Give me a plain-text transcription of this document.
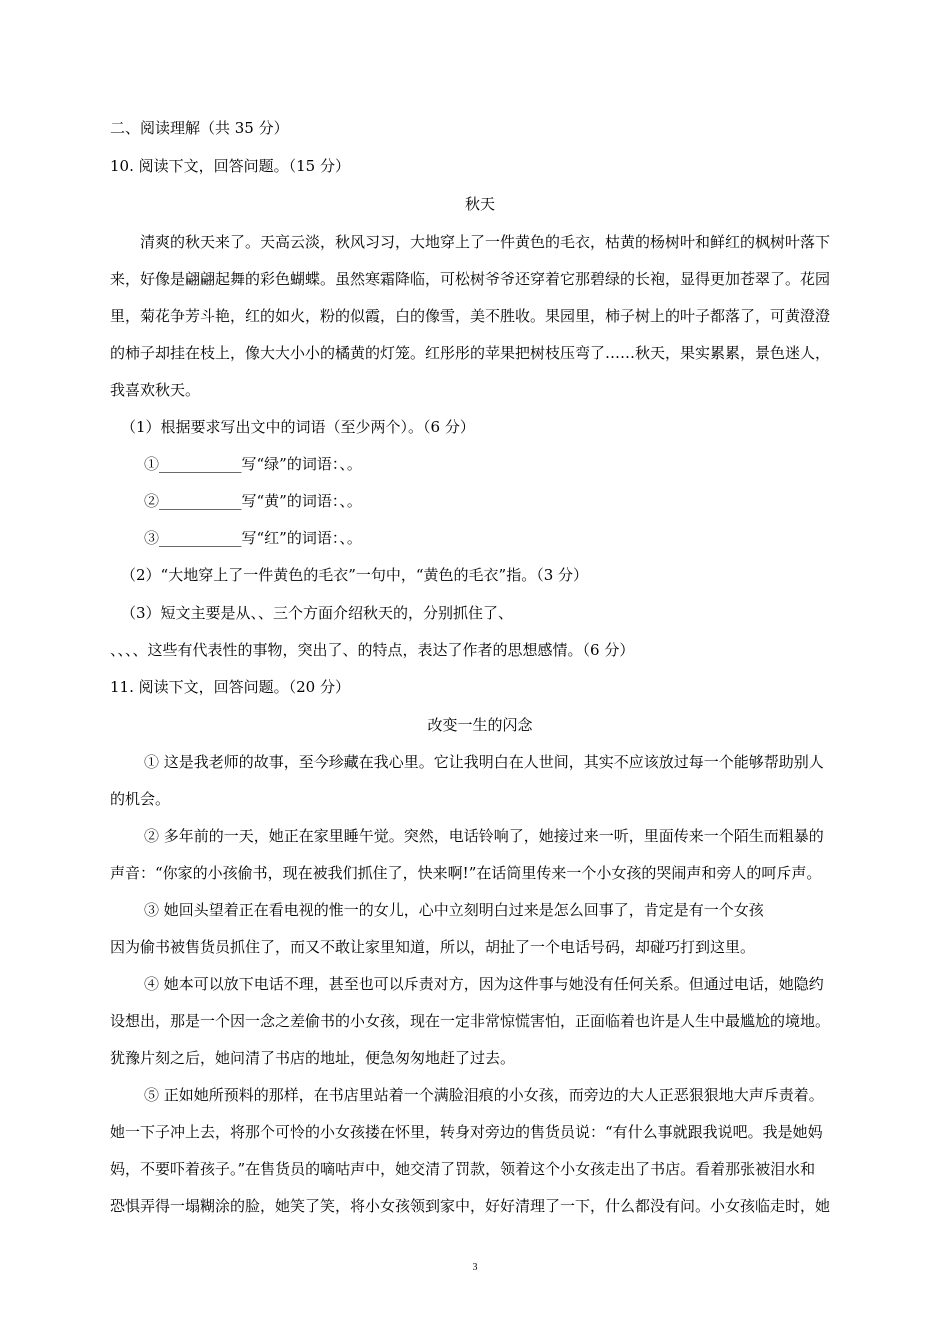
二、阅读理解（共 35 分）
10. 阅读下文，回答问题。（15 分）
秋天
清爽的秋天来了。天高云淡，秋风习习，大地穿上了一件黄色的毛衣，枯黄的杨树叶和鲜红的枫树叶落下
来，好像是翩翩起舞的彩色蝴蝶。虽然寒霜降临，可松树爷爷还穿着它那碧绿的长袍，显得更加苍翠了。花园
里，菊花争芳斗艳，红的如火，粉的似霞，白的像雪，美不胜收。果园里，柿子树上的叶子都落了，可黄澄澄
的柿子却挂在枝上，像大大小小的橘黄的灯笼。红彤彤的苹果把树枝压弯了……秋天，果实累累，景色迷人，
我喜欢秋天。
（1）根据要求写出文中的词语（至少两个）。（6 分）
①___________写“绿”的词语：、。
②___________写“黄”的词语：、。
③___________写“红”的词语：、。
（2）“大地穿上了一件黄色的毛衣”一句中，“黄色的毛衣”指。（3 分）
（3）短文主要是从、、三个方面介绍秋天的，分别抓住了、
、、、、这些有代表性的事物，突出了、的特点，表达了作者的思想感情。（6 分）
11. 阅读下文，回答问题。（20 分）
改变一生的闪念
① 这是我老师的故事，至今珍藏在我心里。它让我明白在人世间，其实不应该放过每一个能够帮助别人
的机会。
② 多年前的一天，她正在家里睡午觉。突然，电话铃响了，她接过来一听，里面传来一个陌生而粗暴的
声音：“你家的小孩偷书，现在被我们抓住了，快来啊!”在话筒里传来一个小女孩的哭闹声和旁人的呵斥声。
③ 她回头望着正在看电视的惟一的女儿，心中立刻明白过来是怎么回事了，肯定是有一个女孩
因为偷书被售货员抓住了，而又不敢让家里知道，所以，胡扯了一个电话号码，却碰巧打到这里。
④ 她本可以放下电话不理，甚至也可以斥责对方，因为这件事与她没有任何关系。但通过电话，她隐约
设想出，那是一个因一念之差偷书的小女孩，现在一定非常惊慌害怕，正面临着也许是人生中最尴尬的境地。
犹豫片刻之后，她问清了书店的地址，便急匆匆地赶了过去。
⑤ 正如她所预料的那样，在书店里站着一个满脸泪痕的小女孩，而旁边的大人正恶狠狠地大声斥责着。
她一下子冲上去，将那个可怜的小女孩搂在怀里，转身对旁边的售货员说：“有什么事就跟我说吧。我是她妈
妈，不要吓着孩子。”在售货员的嘀咕声中，她交清了罚款，领着这个小女孩走出了书店。看着那张被泪水和
恐惧弄得一塌糊涂的脸，她笑了笑，将小女孩领到家中，好好清理了一下，什么都没有问。小女孩临走时，她
3
